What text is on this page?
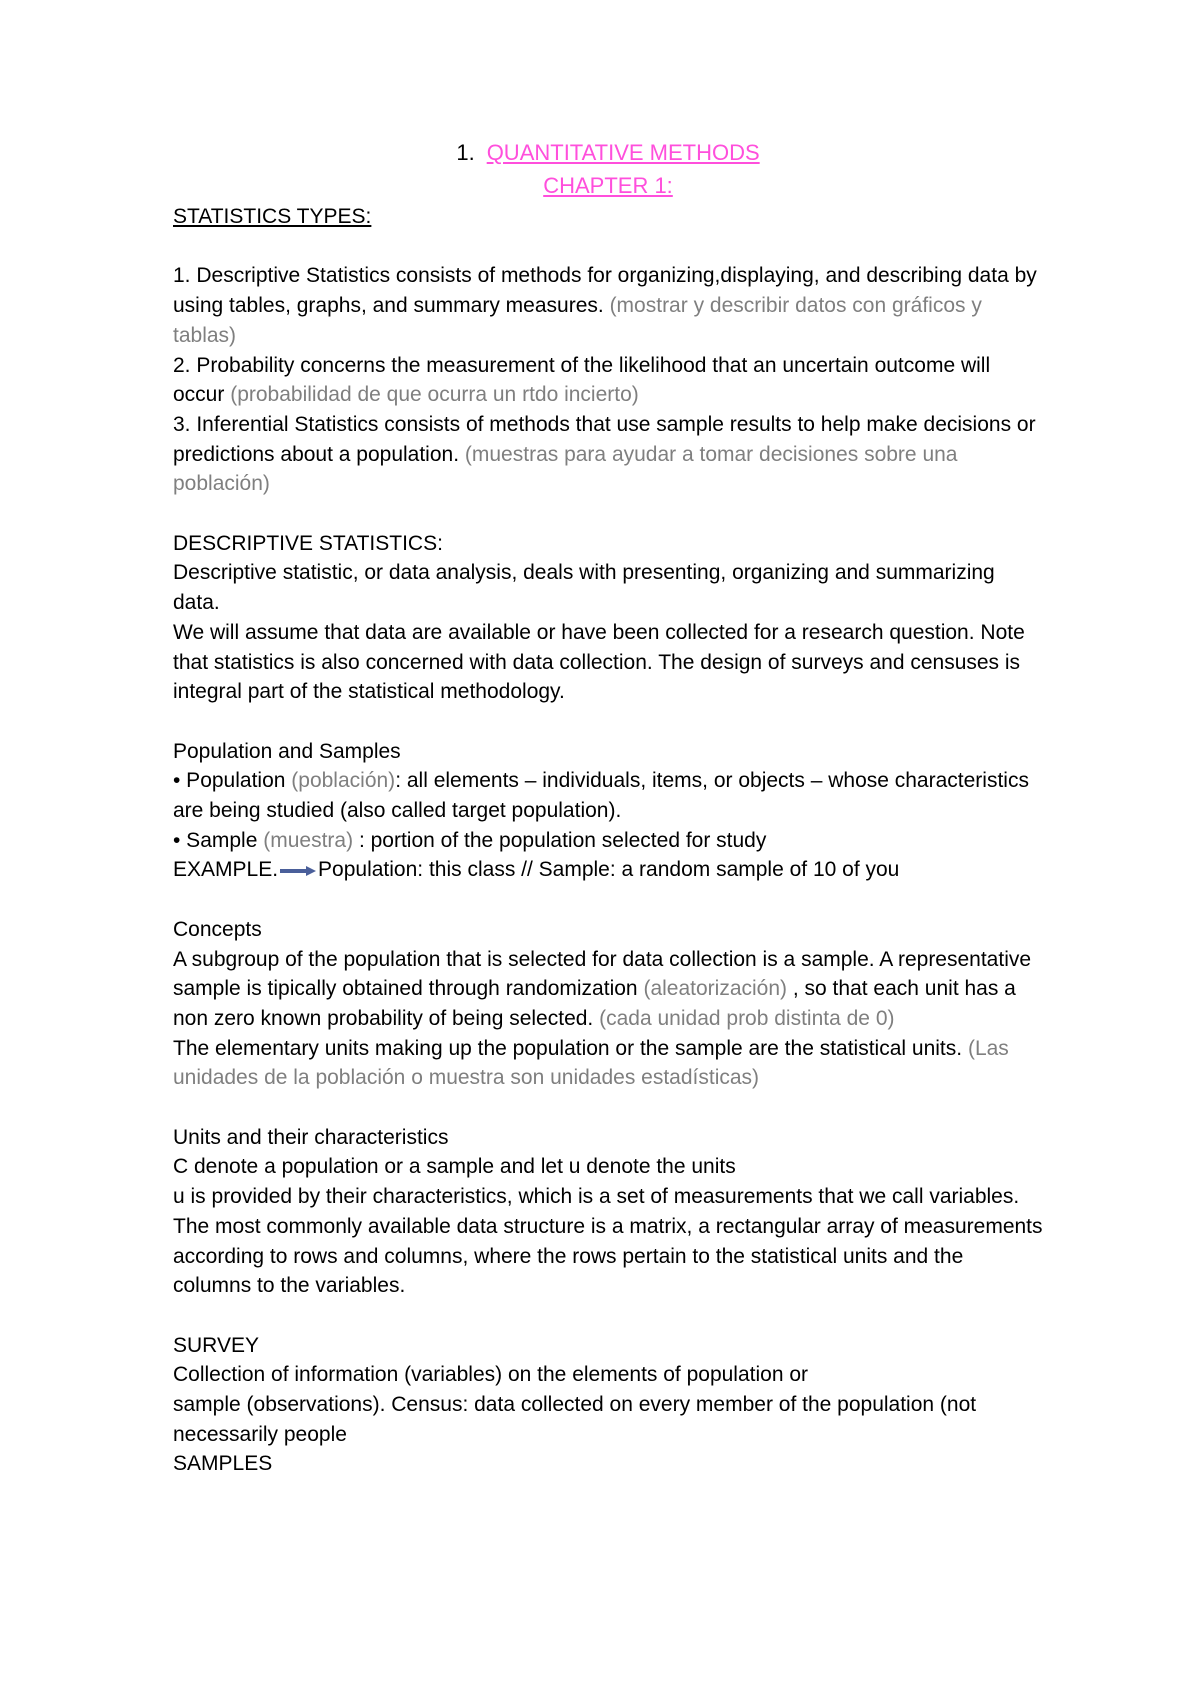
1. QUANTITATIVE METHODS
CHAPTER 1:

STATISTICS TYPES:

1. Descriptive Statistics consists of methods for organizing,displaying, and describing data by using tables, graphs, and summary measures. (mostrar y describir datos con gráficos y tablas)

2. Probability concerns the measurement of the likelihood that an uncertain outcome will occur (probabilidad de que ocurra un rtdo incierto)

3. Inferential Statistics consists of methods that use sample results to help make decisions or predictions about a population. (muestras para ayudar a tomar decisiones sobre una población)

DESCRIPTIVE STATISTICS:

Descriptive statistic, or data analysis, deals with presenting, organizing and summarizing data.

We will assume that data are available or have been collected for a research question. Note that statistics is also concerned with data collection. The design of surveys and censuses is integral part of the statistical methodology.

Population and Samples

• Population (población): all elements – individuals, items, or objects – whose characteristics are being studied (also called target population).

• Sample (muestra) : portion of the population selected for study

EXAMPLE. Population: this class // Sample: a random sample of 10 of you

Concepts

A subgroup of the population that is selected for data collection is a sample. A representative sample is tipically obtained through randomization (aleatorización) , so that each unit has a non zero known probability of being selected. (cada unidad prob distinta de 0)

The elementary units making up the population or the sample are the statistical units. (Las unidades de la población o muestra son unidades estadísticas)

Units and their characteristics

C denote a population or a sample and let u denote the units

u is provided by their characteristics, which is a set of measurements that we call variables.

The most commonly available data structure is a matrix, a rectangular array of measurements according to rows and columns, where the rows pertain to the statistical units and the columns to the variables.

SURVEY

Collection of information (variables) on the elements of population or

sample (observations). Census: data collected on every member of the population (not necessarily people

SAMPLES
